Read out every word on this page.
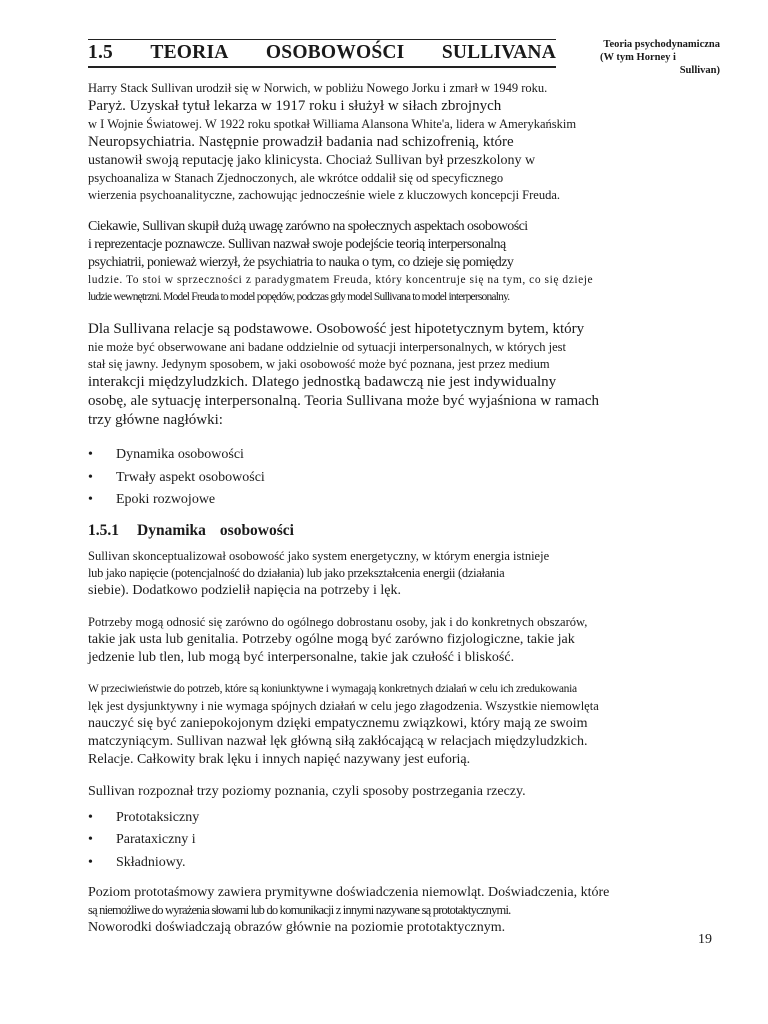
1.5 TEORIA OSOBOWOŚCI SULLIVANA	Teoria psychodynamiczna
(W tym Horney i
Sullivan)
Harry Stack Sullivan urodził się w Norwich, w pobliżu Nowego Jorku i zmarł w 1949 roku.
Paryż. Uzyskał tytuł lekarza w 1917 roku i służył w siłach zbrojnych
w I Wojnie Światowej. W 1922 roku spotkał Williama Alansona White'a, lidera w Amerykańskim
Neuropsychiatria. Następnie prowadził badania nad schizofrenią, które
ustanowił swoją reputację jako klinicysta. Chociaż Sullivan był przeszkolony w
psychoanaliza w Stanach Zjednoczonych, ale wkrótce oddalił się od specyficznego
wierzenia psychoanalityczne, zachowując jednocześnie wiele z kluczowych koncepcji Freuda.
Ciekawie, Sullivan skupił dużą uwagę zarówno na społecznych aspektach osobowości
i reprezentacje poznawcze. Sullivan nazwał swoje podejście teorią interpersonalną
psychiatrii, ponieważ wierzył, że psychiatria to nauka o tym, co dzieje się pomiędzy
ludzie. To stoi w sprzeczności z paradygmatem Freuda, który koncentruje się na tym, co się dzieje
ludzie wewnętrzni. Model Freuda to model popędów, podczas gdy model Sullivana to model interpersonalny.
Dla Sullivana relacje są podstawowe. Osobowość jest hipotetycznym bytem, który
nie może być obserwowane ani badane oddzielnie od sytuacji interpersonalnych, w których jest
stał się jawny. Jedynym sposobem, w jaki osobowość może być poznana, jest przez medium
interakcji międzyludzkich. Dlatego jednostką badawczą nie jest indywidualny
osobę, ale sytuację interpersonalną. Teoria Sullivana może być wyjaśniona w ramach
trzy główne nagłówki:
•	Dynamika osobowości
•	Trwały aspekt osobowości
•	Epoki rozwojowe
1.5.1 Dynamika osobowości
Sullivan skonceptualizował osobowość jako system energetyczny, w którym energia istnieje
lub jako napięcie (potencjalność do działania) lub jako przekształcenia energii (działania
siebie). Dodatkowo podzielił napięcia na potrzeby i lęk.
Potrzeby mogą odnosić się zarówno do ogólnego dobrostanu osoby, jak i do konkretnych obszarów,
takie jak usta lub genitalia. Potrzeby ogólne mogą być zarówno fizjologiczne, takie jak
jedzenie lub tlen, lub mogą być interpersonalne, takie jak czułość i bliskość.
W przeciwieństwie do potrzeb, które są koniunktywne i wymagają konkretnych działań w celu ich zredukowania
lęk jest dysjunktywny i nie wymaga spójnych działań w celu jego złagodzenia. Wszystkie niemowlęta
nauczyć się być zaniepokojonym dzięki empatycznemu związkowi, który mają ze swoim
matczyniącym. Sullivan nazwał lęk główną siłą zakłócającą w relacjach międzyludzkich.
Relacje. Całkowity brak lęku i innych napięć nazywany jest euforią.
Sullivan rozpoznał trzy poziomy poznania, czyli sposoby postrzegania rzeczy.
•	Prototaksiczny
•	Parataxiczny i
•	Składniowy.
Poziom prototaśmowy zawiera prymitywne doświadczenia niemowląt. Doświadczenia, które
są niemożliwe do wyrażenia słowami lub do komunikacji z innymi nazywane są prototaktycznymi.
Noworodki doświadczają obrazów głównie na poziomie prototaktycznym.
19
